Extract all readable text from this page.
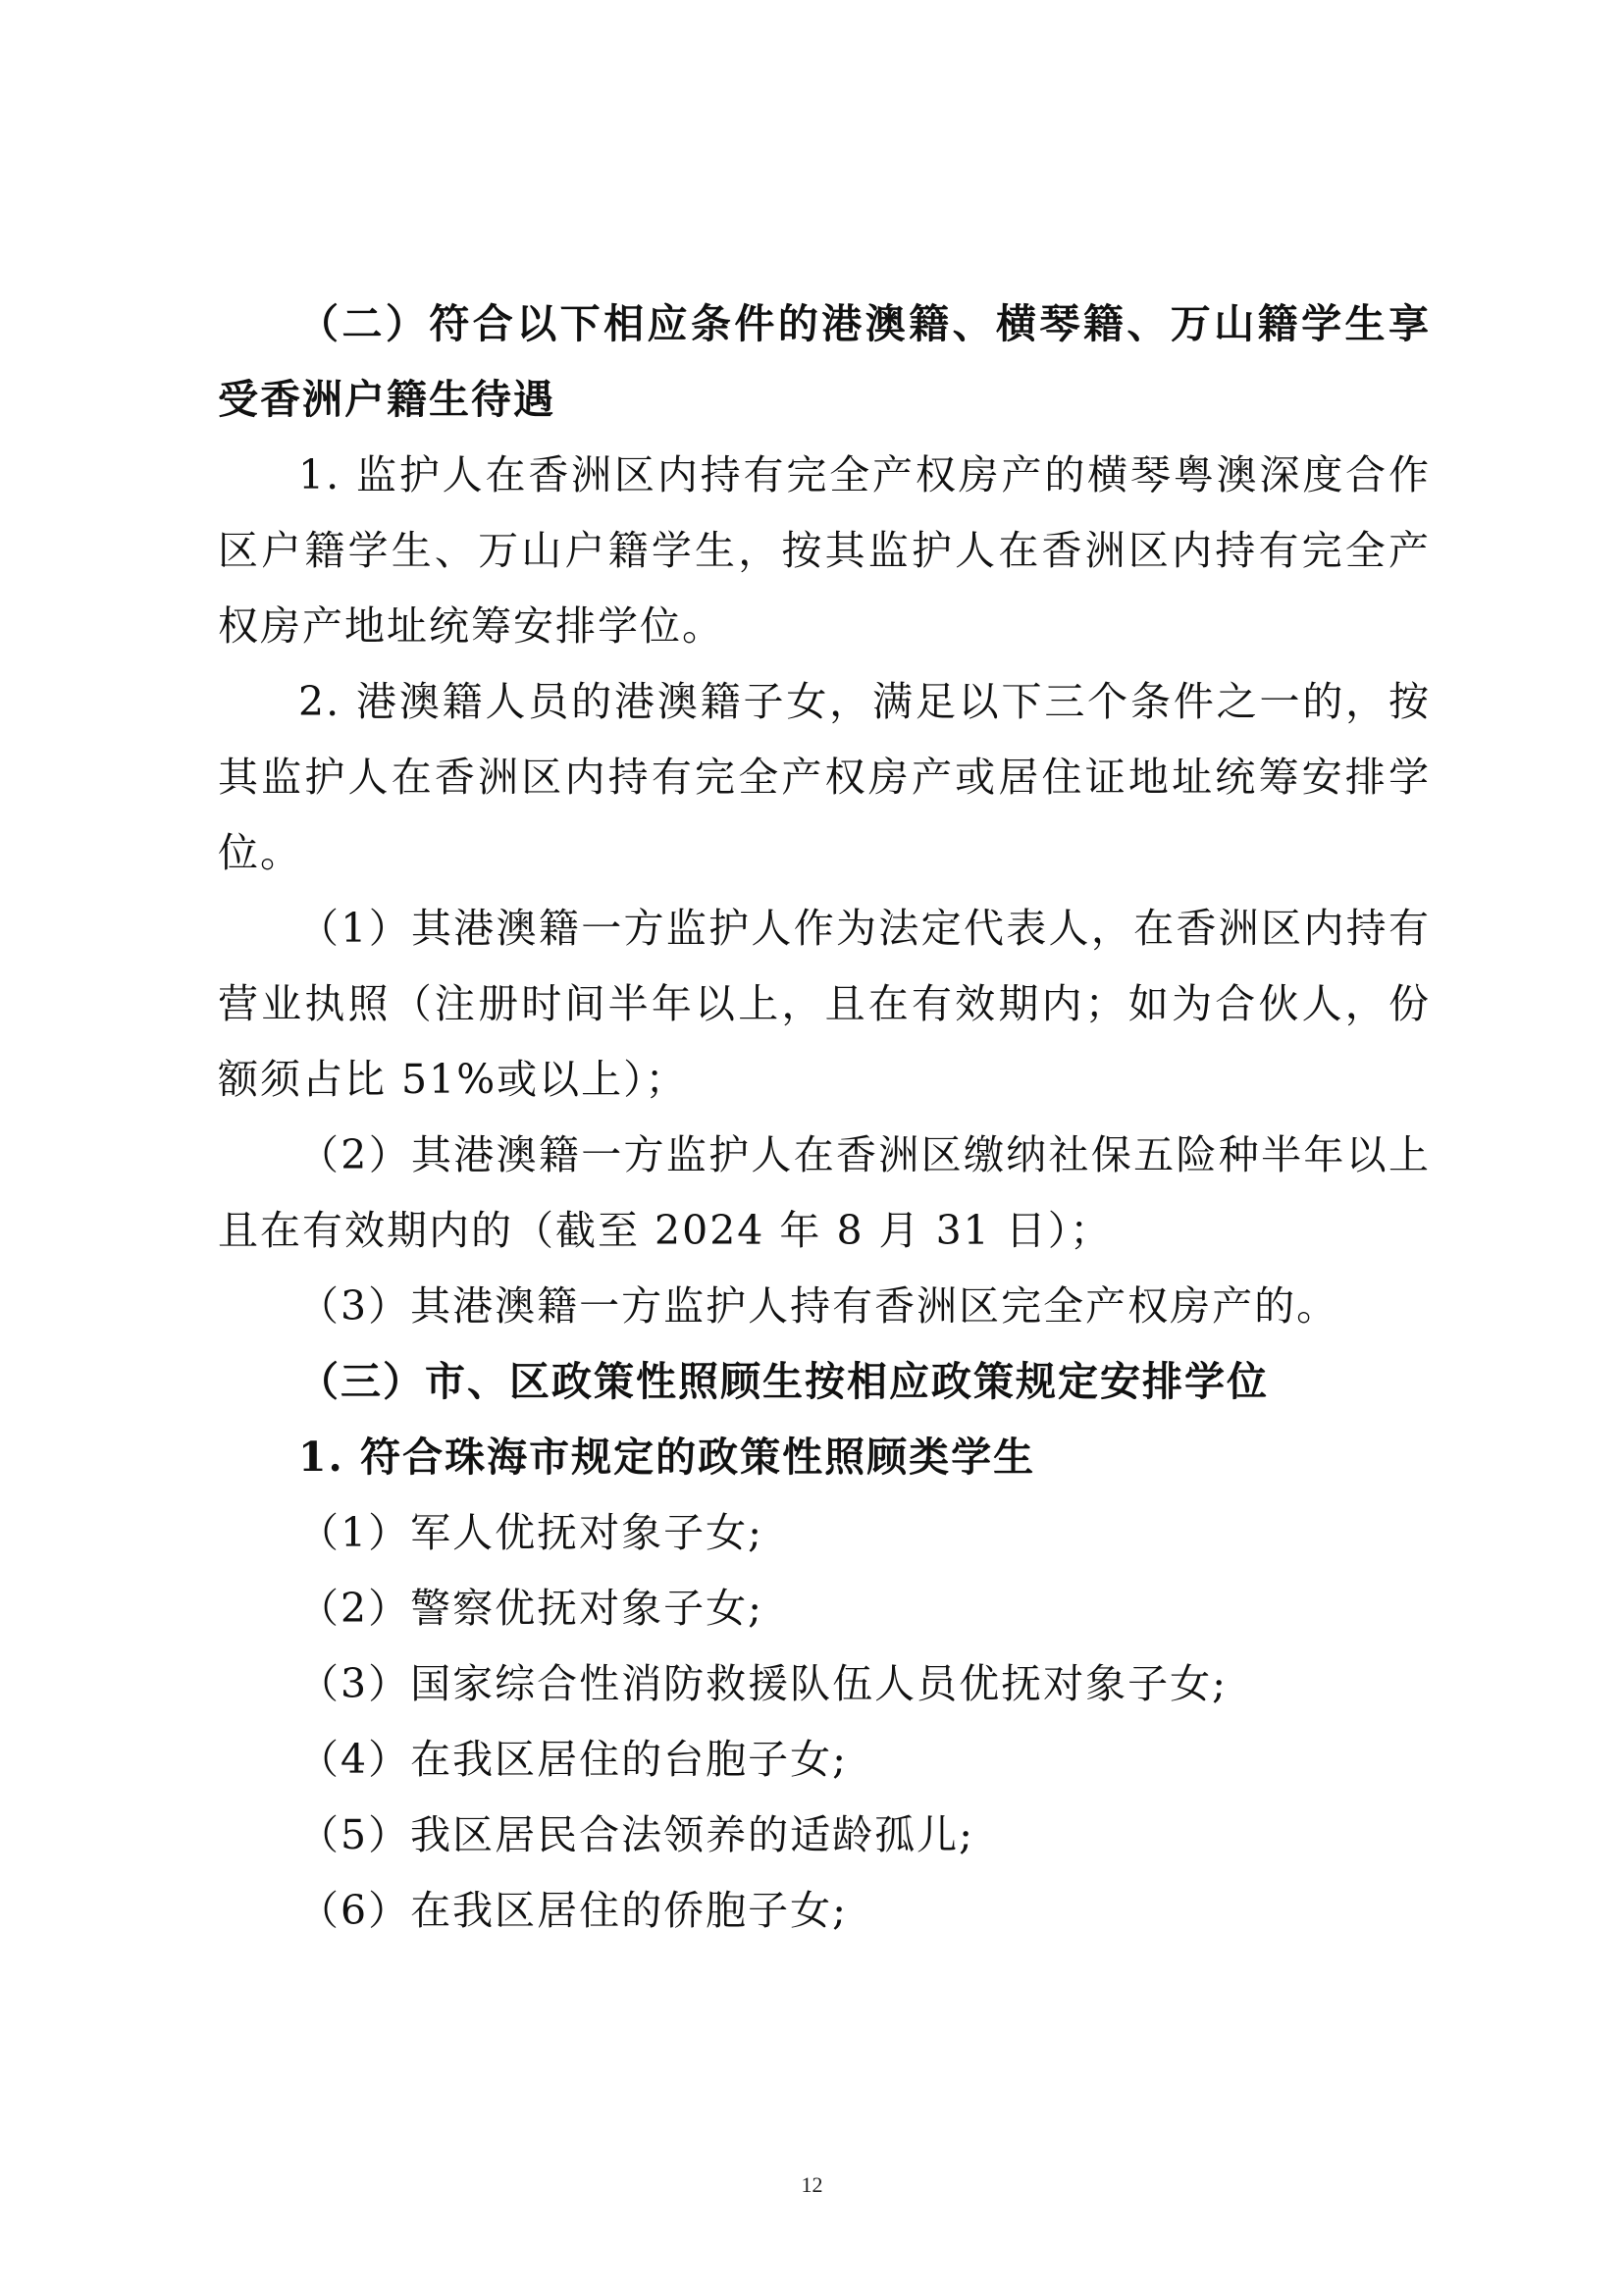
（二）符合以下相应条件的港澳籍、横琴籍、万山籍学生享受香洲户籍生待遇

1. 监护人在香洲区内持有完全产权房产的横琴粤澳深度合作区户籍学生、万山户籍学生，按其监护人在香洲区内持有完全产权房产地址统筹安排学位。

2. 港澳籍人员的港澳籍子女，满足以下三个条件之一的，按其监护人在香洲区内持有完全产权房产或居住证地址统筹安排学位。

（1）其港澳籍一方监护人作为法定代表人，在香洲区内持有营业执照（注册时间半年以上，且在有效期内；如为合伙人，份额须占比 51%或以上）；

（2）其港澳籍一方监护人在香洲区缴纳社保五险种半年以上且在有效期内的（截至 2024 年 8 月 31 日）；

（3）其港澳籍一方监护人持有香洲区完全产权房产的。

（三）市、区政策性照顾生按相应政策规定安排学位

1. 符合珠海市规定的政策性照顾类学生

（1）军人优抚对象子女;

（2）警察优抚对象子女;

（3）国家综合性消防救援队伍人员优抚对象子女;

（4）在我区居住的台胞子女;

（5）我区居民合法领养的适龄孤儿;

（6）在我区居住的侨胞子女;

12
